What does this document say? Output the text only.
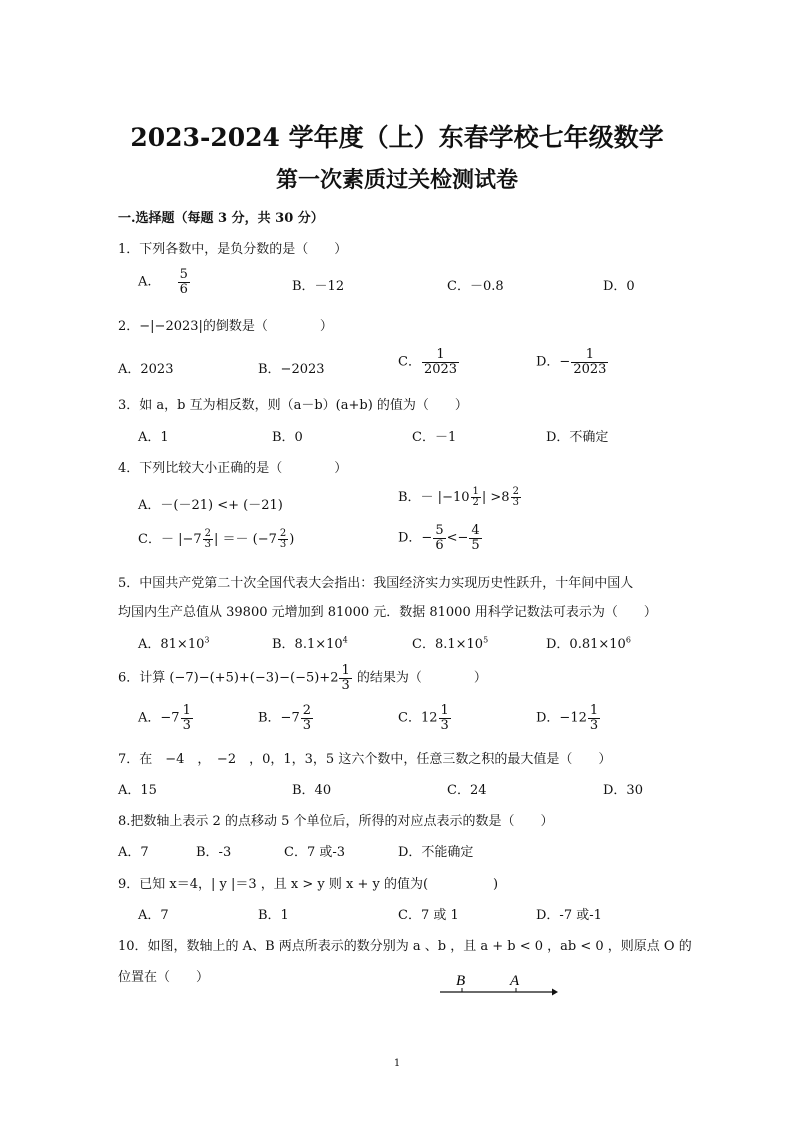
2023-2024 学年度（上）东春学校七年级数学
第一次素质过关检测试卷
一.选择题（每题 3 分，共 30 分）
1．下列各数中，是负分数的是（　　）
A. $\frac{5}{6}$	B．－12	C．－0.8	D．0
2．−|−2023|的倒数是（　　　　）
A．2023	B．−2023	C． $\frac{1}{2023}$	D．− $\frac{1}{2023}$
3．如 a，b 互为相反数，则（a－b）(a+b) 的值为（　　）
A．1	B．0	C．－1	D．不确定
4．下列比较大小正确的是（　　　　）
A．－(－21) <+ (－21)
B．－ $|-10 \frac{1}{2}$ | $>8 \frac{2}{3}$
C．－ $|-7 \frac{2}{3}$ | ＝－ ($-7 \frac{2}{3}$ )	D．− $\frac{5}{6} <- \frac{4}{5}$
5．中国共产党第二十次全国代表大会指出：我国经济实力实现历史性跃升，十年间中国人
均国内生产总值从 39800 元增加到 81000 元．数据 81000 用科学记数法可表示为（　　）
A．$81\times 10^3$	B．$8.1\times 10^4$	C．$8.1\times 10^5$	D．$0.81\times 10^6$
6．计算 $(-7)-(+5)+(-3)-(-5)+2 \frac{1}{3}$ 的结果为（　　　　）
A．$-7 \frac{1}{3}$	B．$-7 \frac{2}{3}$	C．$12 \frac{1}{3}$	D．$-12 \frac{1}{3}$
7．在　−4　，　−2　，0，1，3，5 这六个数中，任意三数之积的最大值是（　　）
A．15	B．40	C．24	D．30
8.把数轴上表示 2 的点移动 5 个单位后，所得的对应点表示的数是（　　）
A．7	B．-3	C．7 或-3	D．不能确定
9．已知 x＝4，| y |＝3 ，且 x > y 则 x + y 的值为(　　　　　)
A．7	B．1	C．7 或 1	D．-7 或-1
10．如图，数轴上的 A、B 两点所表示的数分别为 a 、b ，且 a + b < 0 ，ab < 0 ，则原点 O 的
位置在（　　）	B	A
1
